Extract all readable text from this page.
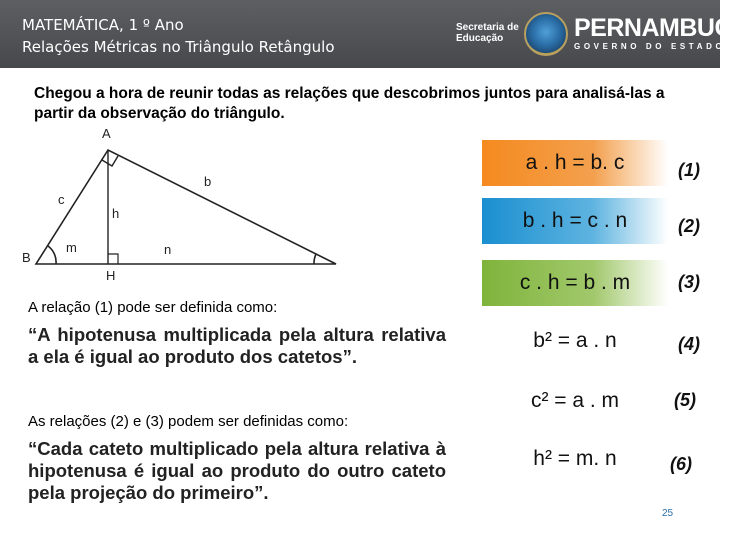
MATEMÁTICA, 1 º Ano
Relações Métricas no Triângulo Retângulo
Secretaria de
Educação	PERNAMBUCO
GOVERNO DO ESTADO
Chegou a hora de reunir todas as relações que descobrimos juntos para analisá-las a partir da observação do triângulo.
A
B
H
b
c
h
m	n
A relação (1) pode ser definida como:
“A hipotenusa multiplicada pela altura relativa a ela é igual ao produto dos catetos”.
As relações (2) e (3) podem ser definidas como:
“Cada cateto multiplicado pela altura relativa à hipotenusa é igual ao produto do outro cateto pela projeção do primeiro”.
a . h = b. c	(1)
b . h = c . n	(2)
c . h = b . m	(3)
b² = a . n	(4)
c² = a . m	(5)
h² = m. n	(6)
25
